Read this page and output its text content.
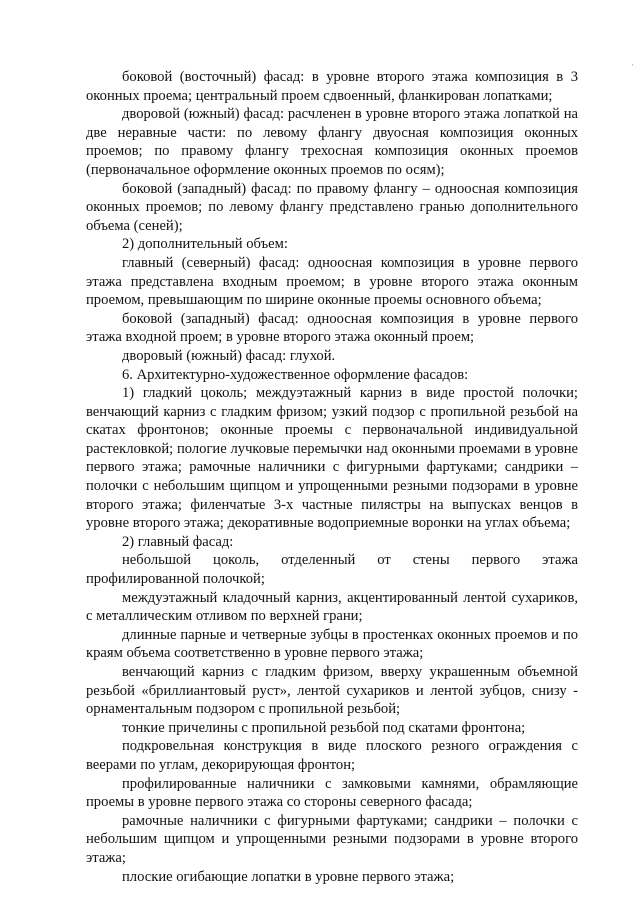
·

боковой (восточный) фасад: в уровне второго этажа композиция в 3 оконных проема; центральный проем сдвоенный, фланкирован лопатками;

дворовой (южный) фасад: расчленен в уровне второго этажа лопаткой на две неравные части: по левому флангу двуосная композиция оконных проемов; по правому флангу трехосная композиция оконных проемов (первоначальное оформление оконных проемов по осям);

боковой (западный) фасад: по правому флангу – одноосная композиция оконных проемов; по левому флангу представлено гранью дополнительного объема (сеней);

2) дополнительный объем:

главный (северный) фасад: одноосная композиция в уровне первого этажа представлена входным проемом; в уровне второго этажа оконным проемом, превышающим по ширине оконные проемы основного объема;

боковой (западный) фасад: одноосная композиция в уровне первого этажа входной проем; в уровне второго этажа оконный проем;

дворовый (южный) фасад: глухой.

6. Архитектурно-художественное оформление фасадов:

1) гладкий цоколь; междуэтажный карниз в виде простой полочки; венчающий карниз с гладким фризом; узкий подзор с пропильной резьбой на скатах фронтонов; оконные проемы с первоначальной индивидуальной растекловкой; пологие лучковые перемычки над оконными проемами в уровне первого этажа; рамочные наличники с фигурными фартуками; сандрики – полочки с небольшим щипцом и упрощенными резными подзорами в уровне второго этажа; филенчатые 3-х частные пилястры на выпусках венцов в уровне второго этажа; декоративные водоприемные воронки на углах объема;

2) главный фасад:

небольшой цоколь, отделенный от стены первого этажа профилированной полочкой;

междуэтажный кладочный карниз, акцентированный лентой сухариков, с металлическим отливом по верхней грани;

длинные парные и четверные зубцы в простенках оконных проемов и по краям объема соответственно в уровне первого этажа;

венчающий карниз с гладким фризом, вверху украшенным объемной резьбой «бриллиантовый руст», лентой сухариков и лентой зубцов, снизу - орнаментальным подзором с пропильной резьбой;

тонкие причелины с пропильной резьбой под скатами фронтона;

подкровельная конструкция в виде плоского резного ограждения с веерами по углам, декорирующая фронтон;

профилированные наличники с замковыми камнями, обрамляющие проемы в уровне первого этажа со стороны северного фасада;

рамочные наличники с фигурными фартуками; сандрики – полочки с небольшим щипцом и упрощенными резными подзорами в уровне второго этажа;

плоские огибающие лопатки в уровне первого этажа;
